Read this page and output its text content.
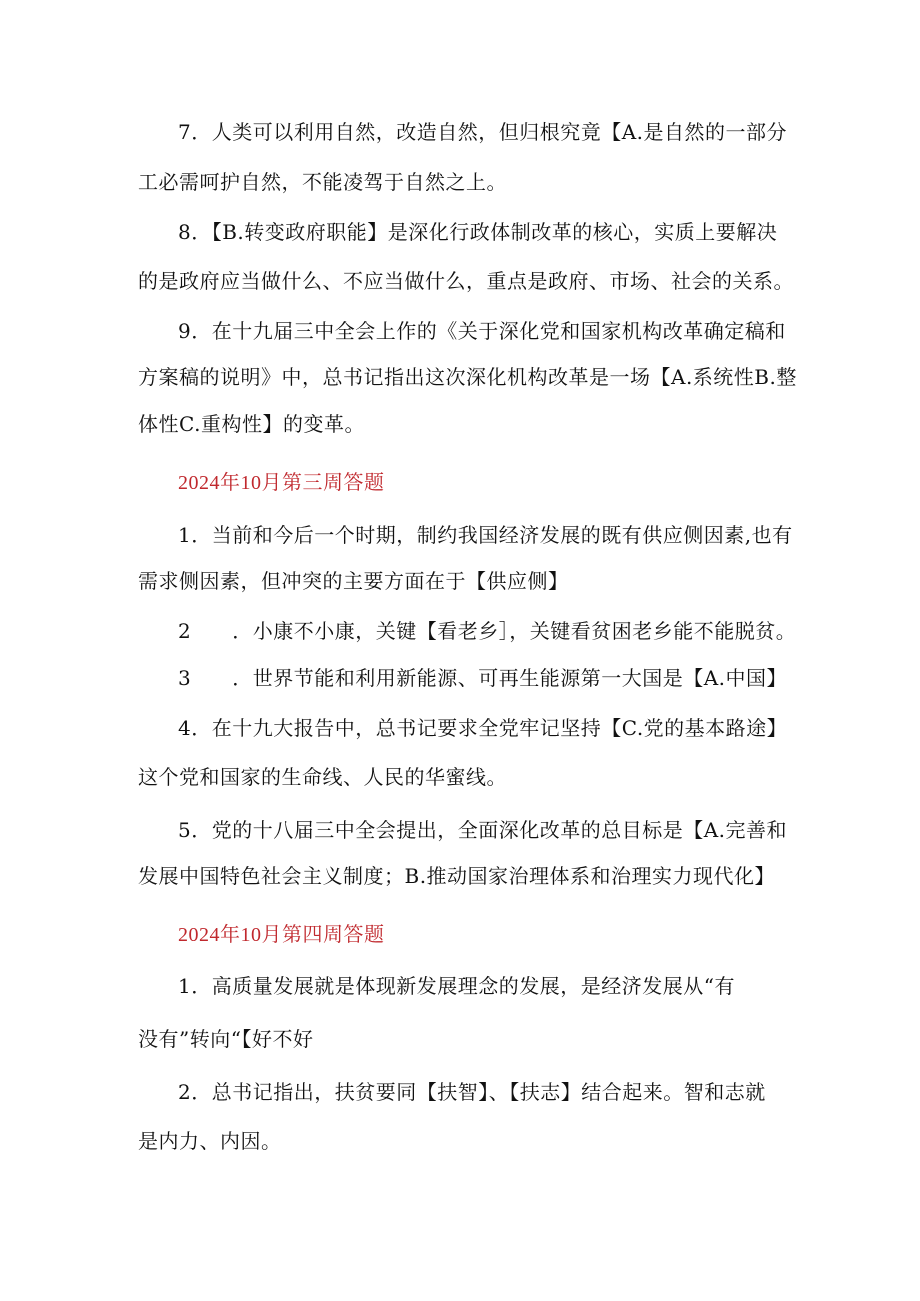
7．人类可以利用自然，改造自然，但归根究竟【A.是自然的一部分
工必需呵护自然，不能凌驾于自然之上。
8．【B.转变政府职能】是深化行政体制改革的核心，实质上要解决
的是政府应当做什么、不应当做什么，重点是政府、市场、社会的关系。
9．在十九届三中全会上作的《关于深化党和国家机构改革确定稿和
方案稿的说明》中，总书记指出这次深化机构改革是一场【A.系统性B.整
体性C.重构性】的变革。
2024年10月第三周答题
1．当前和今后一个时期，制约我国经济发展的既有供应侧因素,也有
需求侧因素，但冲突的主要方面在于【供应侧】
2　　．小康不小康，关键【看老乡］，关键看贫困老乡能不能脱贫。
3　　．世界节能和利用新能源、可再生能源第一大国是【A.中国】
4．在十九大报告中，总书记要求全党牢记坚持【C.党的基本路途】
这个党和国家的生命线、人民的华蜜线。
5．党的十八届三中全会提出，全面深化改革的总目标是【A.完善和
发展中国特色社会主义制度；B.推动国家治理体系和治理实力现代化】
2024年10月第四周答题
1．高质量发展就是体现新发展理念的发展，是经济发展从“有
没有”转向“【好不好
2．总书记指出，扶贫要同【扶智】、【扶志】结合起来。智和志就
是内力、内因。
